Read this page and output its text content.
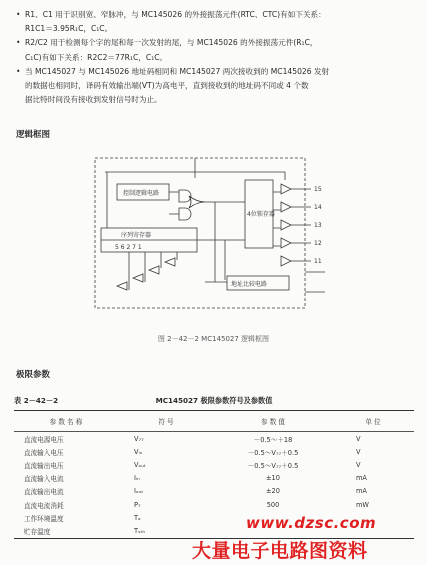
• R1、C1 用于识别宽、窄脉冲，与 MC145026 的外接振荡元件(RTC、CTC)有如下关系：
R1C1＝3.95R₁C，C₁C。
• R2/C2 用于检测每个字的尾和每一次发射的尾，与 MC145026 的外接振荡元件(R₁C，
C₁C)有如下关系：R2C2＝77R₁C，C₁C。
• 当 MC145027 与 MC145026 地址码相同和 MC145027 两次接收到的 MC145026 发射
的数据也相同时，译码有效输出端(VT)为高电平，直到接收到的地址码不同或 4 个数
据比特时间没有接收到发射信号时为止。
逻辑框图
控制逻辑电路
序列寄存器
5 6 2 7 1
4位锁存器
地址比较电路
15
14
13
12
11
图 2－42－2 MC145027 逻辑框图
极限参数
表 2－42－2	MC145027 极限参数符号及参数值
参 数 名 称	符 号	参 数 值	单 位
直流电源电压	V₇₇	－0.5～＋18	V
直流输入电压	Vᵢₙ	－0.5～V₇₇＋0.5	V
直流输出电压	Vₒᵤₜ	－0.5～V₇₇＋0.5	V
直流输入电流	Iᵢₙ	±10	mA
直流输出电流	Iₒᵤₜ	±20	mA
直流电流消耗	P₇	500	mW
工作环境温度	Tₐ		
贮存温度	Tₛₜₕ			www.dzsc.com
大量电子电路图资料
